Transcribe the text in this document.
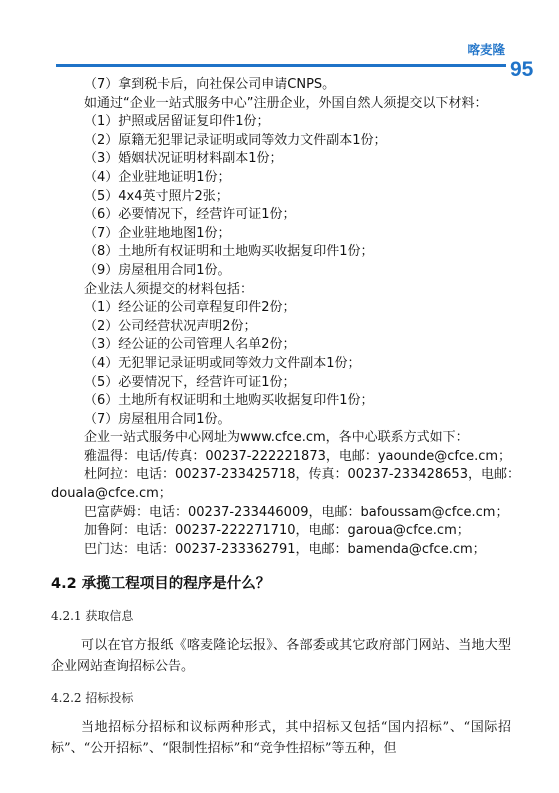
喀麦隆
95
（7）拿到税卡后，向社保公司申请CNPS。
如通过“企业一站式服务中心”注册企业，外国自然人须提交以下材料：
（1）护照或居留证复印件1份；
（2）原籍无犯罪记录证明或同等效力文件副本1份；
（3）婚姻状况证明材料副本1份；
（4）企业驻地证明1份；
（5）4x4英寸照片2张；
（6）必要情况下，经营许可证1份；
（7）企业驻地地图1份；
（8）土地所有权证明和土地购买收据复印件1份；
（9）房屋租用合同1份。
企业法人须提交的材料包括：
（1）经公证的公司章程复印件2份；
（2）公司经营状况声明2份；
（3）经公证的公司管理人名单2份；
（4）无犯罪记录证明或同等效力文件副本1份；
（5）必要情况下，经营许可证1份；
（6）土地所有权证明和土地购买收据复印件1份；
（7）房屋租用合同1份。
企业一站式服务中心网址为www.cfce.cm，各中心联系方式如下：
雅温得：电话/传真：00237-222221873，电邮：yaounde@cfce.cm；
杜阿拉：电话：00237-233425718，传真：00237-233428653，电邮：
douala@cfce.cm；
巴富萨姆：电话：00237-233446009，电邮：bafoussam@cfce.cm；
加鲁阿：电话：00237-222271710，电邮：garoua@cfce.cm；
巴门达：电话：00237-233362791，电邮：bamenda@cfce.cm；
4.2 承揽工程项目的程序是什么？
4.2.1 获取信息
可以在官方报纸《喀麦隆论坛报》、各部委或其它政府部门网站、当地大型企业网站查询招标公告。
4.2.2 招标投标
当地招标分招标和议标两种形式，其中招标又包括“国内招标”、“国际招标”、“公开招标”、“限制性招标”和“竞争性招标”等五种，但
